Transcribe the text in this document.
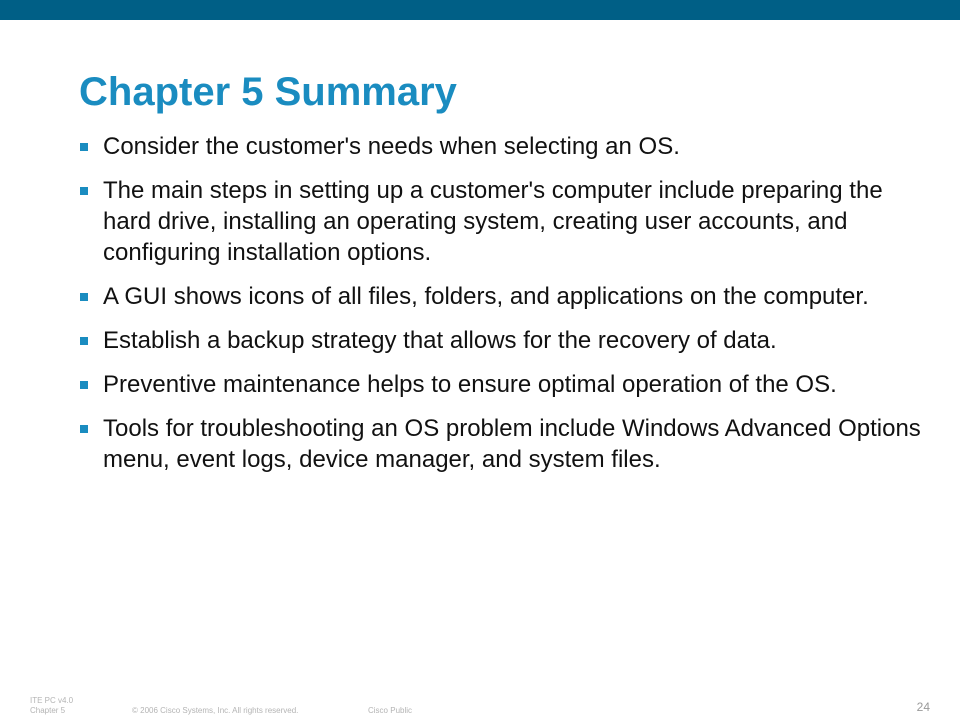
Chapter 5 Summary
Consider the customer's needs when selecting an OS.
The main steps in setting up a customer's computer include preparing the hard drive, installing an operating system, creating user accounts, and configuring installation options.
A GUI shows icons of all files, folders, and applications on the computer.
Establish a backup strategy that allows for the recovery of data.
Preventive maintenance helps to ensure optimal operation of the OS.
Tools for troubleshooting an OS problem include Windows Advanced Options menu, event logs, device manager, and system files.
ITE PC v4.0
Chapter 5	© 2006 Cisco Systems, Inc. All rights reserved.	Cisco Public	24
